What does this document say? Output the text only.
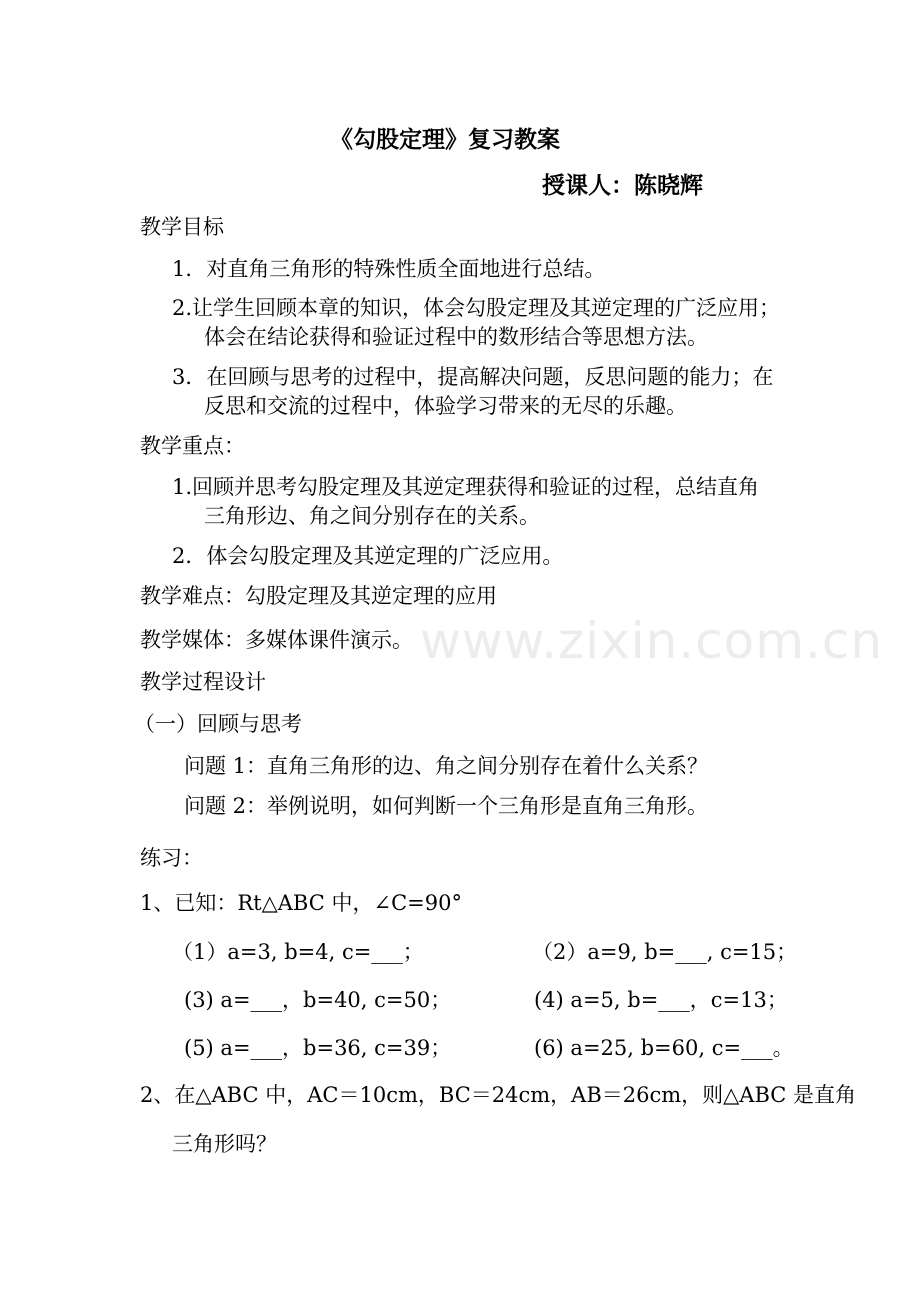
www.zixin.com.cn
《勾股定理》复习教案
授课人：陈晓辉
教学目标
1．对直角三角形的特殊性质全面地进行总结。
2.让学生回顾本章的知识，体会勾股定理及其逆定理的广泛应用；
体会在结论获得和验证过程中的数形结合等思想方法。
3．在回顾与思考的过程中，提高解决问题，反思问题的能力；在
反思和交流的过程中，体验学习带来的无尽的乐趣。
教学重点：
1.回顾并思考勾股定理及其逆定理获得和验证的过程，总结直角
三角形边、角之间分别存在的关系。
2．体会勾股定理及其逆定理的广泛应用。
教学难点：勾股定理及其逆定理的应用
教学媒体：多媒体课件演示。
教学过程设计
（一）回顾与思考
问题 1：直角三角形的边、角之间分别存在着什么关系？
问题 2：举例说明，如何判断一个三角形是直角三角形。
练习：
1、已知：Rt△ABC 中，∠C=90°
（1）a=3, b=4, c=___；	（2）a=9, b=___, c=15；
(3) a=___，b=40, c=50；	(4) a=5, b=___，c=13；
(5) a=___，b=36, c=39；	(6) a=25, b=60, c=___。
2、在△ABC 中，AC＝10cm，BC＝24cm，AB＝26cm，则△ABC 是直角
三角形吗？
